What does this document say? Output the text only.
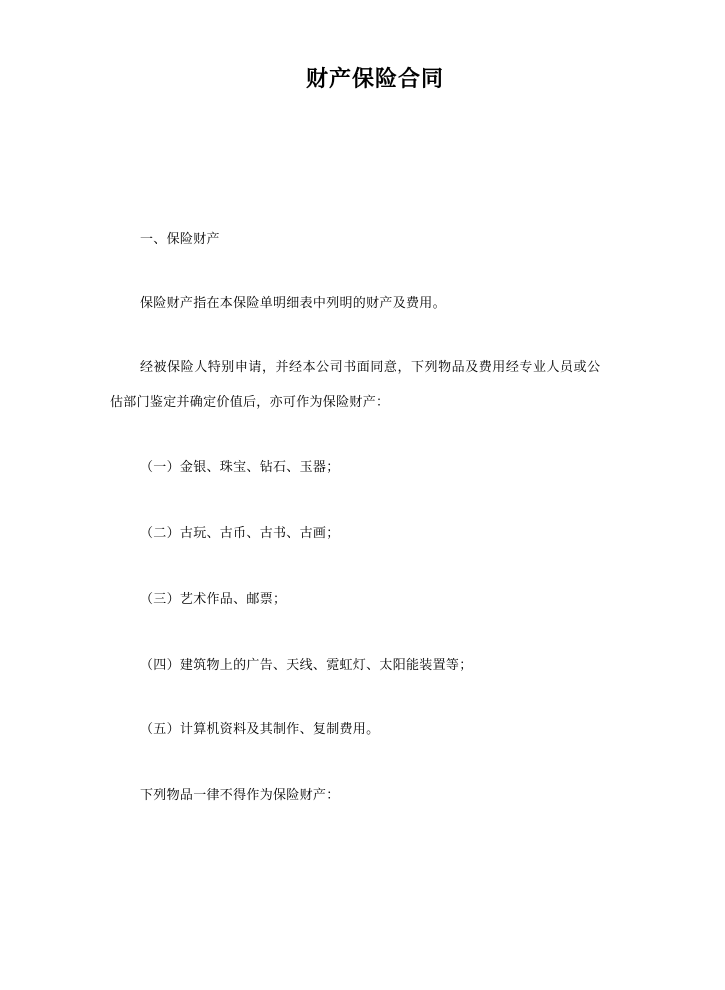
财产保险合同
一、保险财产
保险财产指在本保险单明细表中列明的财产及费用。
经被保险人特别申请，并经本公司书面同意，下列物品及费用经专业人员或公
估部门鉴定并确定价值后，亦可作为保险财产：
（一）金银、珠宝、钻石、玉器；
（二）古玩、古币、古书、古画；
（三）艺术作品、邮票；
（四）建筑物上的广告、天线、霓虹灯、太阳能装置等；
（五）计算机资料及其制作、复制费用。
下列物品一律不得作为保险财产：
